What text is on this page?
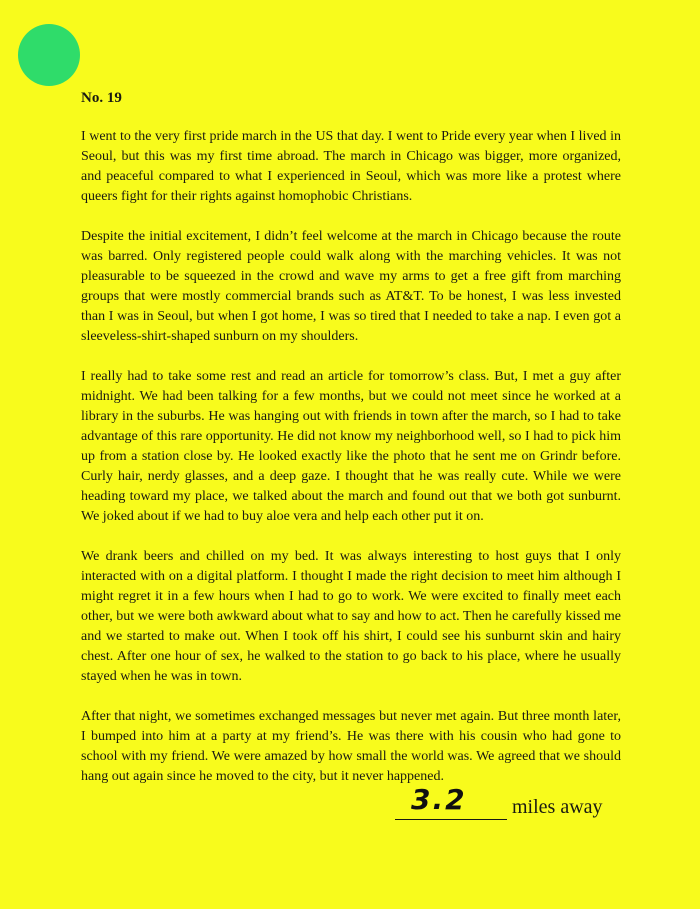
No. 19

I went to the very first pride march in the US that day. I went to Pride every year when I lived in Seoul, but this was my first time abroad. The march in Chicago was bigger, more organized, and peaceful compared to what I experienced in Seoul, which was more like a protest where queers fight for their rights against homophobic Christians.

Despite the initial excitement, I didn’t feel welcome at the march in Chicago because the route was barred. Only registered people could walk along with the marching vehicles. It was not pleasurable to be squeezed in the crowd and wave my arms to get a free gift from marching groups that were mostly commercial brands such as AT&T. To be honest, I was less invested than I was in Seoul, but when I got home, I was so tired that I needed to take a nap. I even got a sleeveless-shirt-shaped sunburn on my shoulders.

I really had to take some rest and read an article for tomorrow’s class. But, I met a guy after midnight. We had been talking for a few months, but we could not meet since he worked at a library in the suburbs. He was hanging out with friends in town after the march, so I had to take advantage of this rare opportunity. He did not know my neighborhood well, so I had to pick him up from a station close by. He looked exactly like the photo that he sent me on Grindr before. Curly hair, nerdy glasses, and a deep gaze. I thought that he was really cute. While we were heading toward my place, we talked about the march and found out that we both got sunburnt. We joked about if we had to buy aloe vera and help each other put it on.

We drank beers and chilled on my bed. It was always interesting to host guys that I only interacted with on a digital platform. I thought I made the right decision to meet him although I might regret it in a few hours when I had to go to work. We were excited to finally meet each other, but we were both awkward about what to say and how to act. Then he carefully kissed me and we started to make out. When I took off his shirt, I could see his sunburnt skin and hairy chest. After one hour of sex, he walked to the station to go back to his place, where he usually stayed when he was in town.

After that night, we sometimes exchanged messages but never met again. But three month later, I bumped into him at a party at my friend’s. He was there with his cousin who had gone to school with my friend. We were amazed by how small the world was. We agreed that we should hang out again since he moved to the city, but it never happened.

3.2	miles away
